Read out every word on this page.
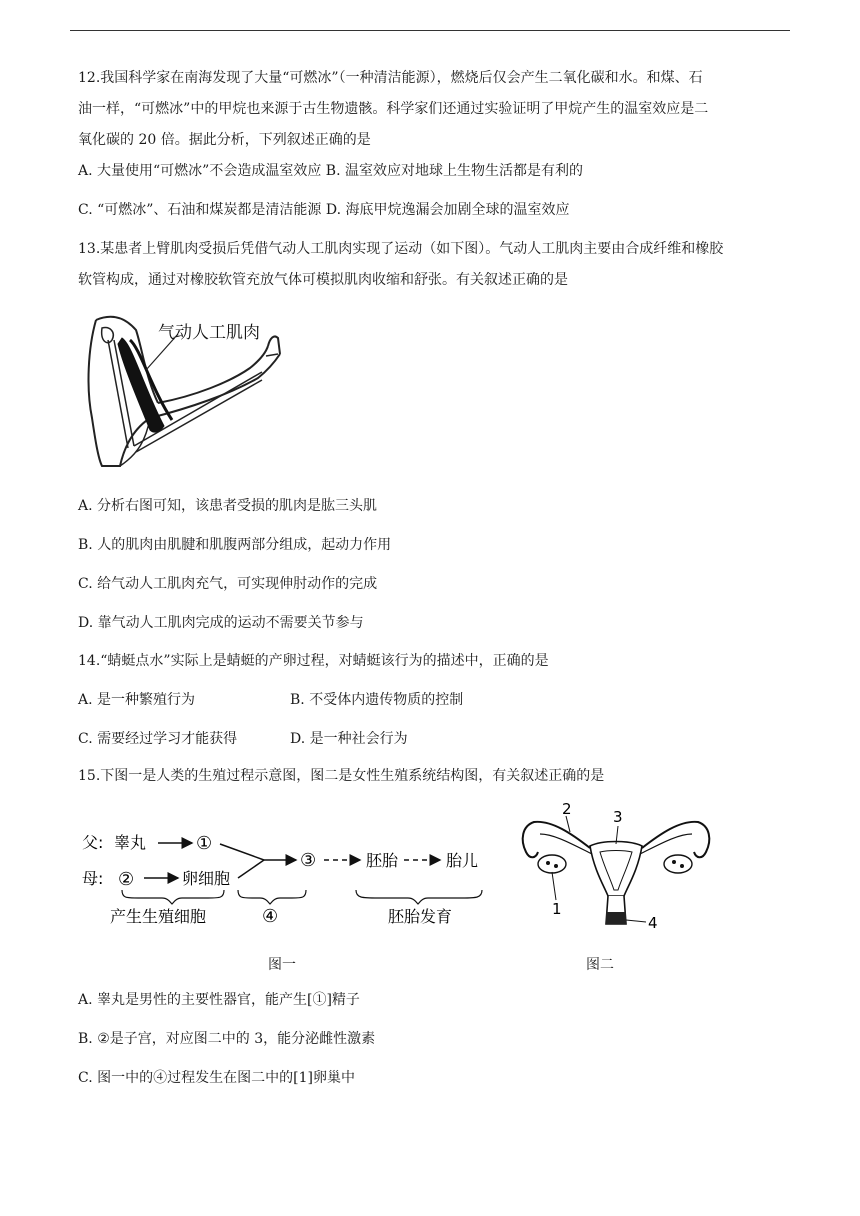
12.我国科学家在南海发现了大量“可燃冰”（一种清洁能源），燃烧后仅会产生二氧化碳和水。和煤、石
油一样，“可燃冰”中的甲烷也来源于古生物遗骸。科学家们还通过实验证明了甲烷产生的温室效应是二
氧化碳的 20 倍。据此分析，下列叙述正确的是
A. 大量使用“可燃冰”不会造成温室效应 B. 温室效应对地球上生物生活都是有利的
C. “可燃冰”、石油和煤炭都是清洁能源 D. 海底甲烷逸漏会加剧全球的温室效应
13.某患者上臂肌肉受损后凭借气动人工肌肉实现了运动（如下图）。气动人工肌肉主要由合成纤维和橡胶
软管构成，通过对橡胶软管充放气体可模拟肌肉收缩和舒张。有关叙述正确的是
气动人工肌肉
A. 分析右图可知，该患者受损的肌肉是肱三头肌
B. 人的肌肉由肌腱和肌腹两部分组成，起动力作用
C. 给气动人工肌肉充气，可实现伸肘动作的完成
D. 靠气动人工肌肉完成的运动不需要关节参与
14.“蜻蜓点水”实际上是蜻蜓的产卵过程，对蜻蜓该行为的描述中，正确的是
A. 是一种繁殖行为	B. 不受体内遗传物质的控制
C. 需要经过学习才能获得	D. 是一种社会行为
15.下图一是人类的生殖过程示意图，图二是女性生殖系统结构图，有关叙述正确的是
父: 睾丸	①
母: ②	卵细胞
③	胚胎	胎儿
产生生殖细胞	④	胚胎发育	1
2	3
4
图一	图二
A. 睾丸是男性的主要性器官，能产生[①]精子
B. ②是子宫，对应图二中的 3，能分泌雌性激素
C. 图一中的④过程发生在图二中的[1]卵巢中
